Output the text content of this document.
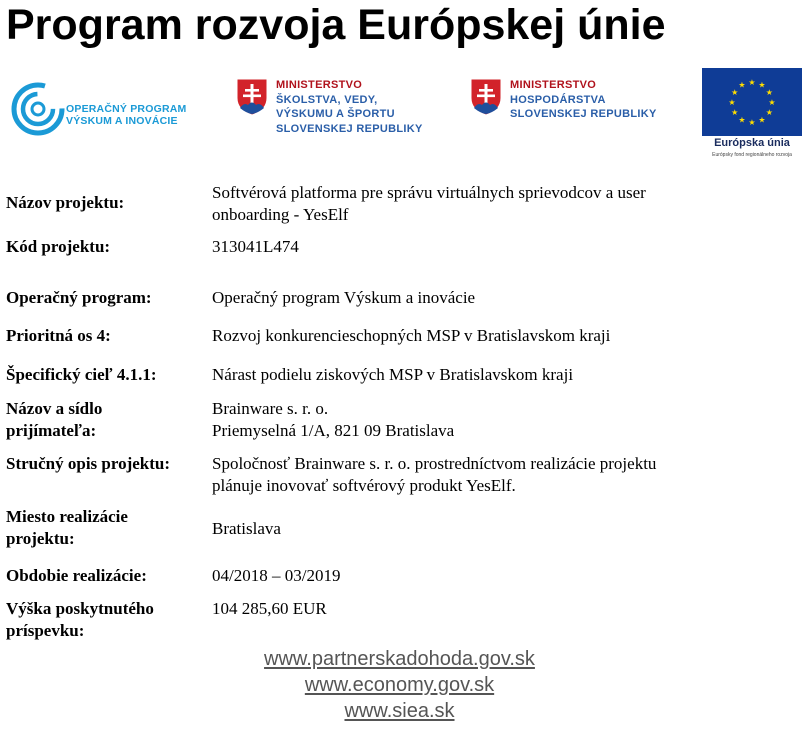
Program rozvoja Európskej únie
OPERAČNÝ PROGRAM
VÝSKUM A INOVÁCIE
MINISTERSTVO
ŠKOLSTVA, VEDY,
VÝSKUMU A ŠPORTU
SLOVENSKEJ REPUBLIKY
MINISTERSTVO
HOSPODÁRSTVA
SLOVENSKEJ REPUBLIKY
★ ★
★
★
★
★
★
★
★
★
★
★
Európska únia
Európsky fond regionálneho rozvoja
Názov projektu:
Softvérová platforma pre správu virtuálnych sprievodcov a user
onboarding - YesElf
Kód projektu:	313041L474
Operačný program:	Operačný program Výskum a inovácie
Prioritná os 4:	Rozvoj konkurencieschopných MSP v Bratislavskom kraji
Špecifický cieľ 4.1.1:	Nárast podielu ziskových MSP v Bratislavskom kraji
Názov a sídlo
prijímateľa:
Brainware s. r. o.
Priemyselná 1/A, 821 09 Bratislava
Stručný opis projektu: Spoločnosť Brainware s. r. o. prostredníctvom realizácie projektu
plánuje inovovať softvérový produkt YesElf.
Miesto realizácie
projektu:
Bratislava
Obdobie realizácie:	04/2018 – 03/2019
Výška poskytnutého
príspevku:
104 285,60 EUR
www.partnerskadohoda.gov.sk
www.economy.gov.sk
www.siea.sk
